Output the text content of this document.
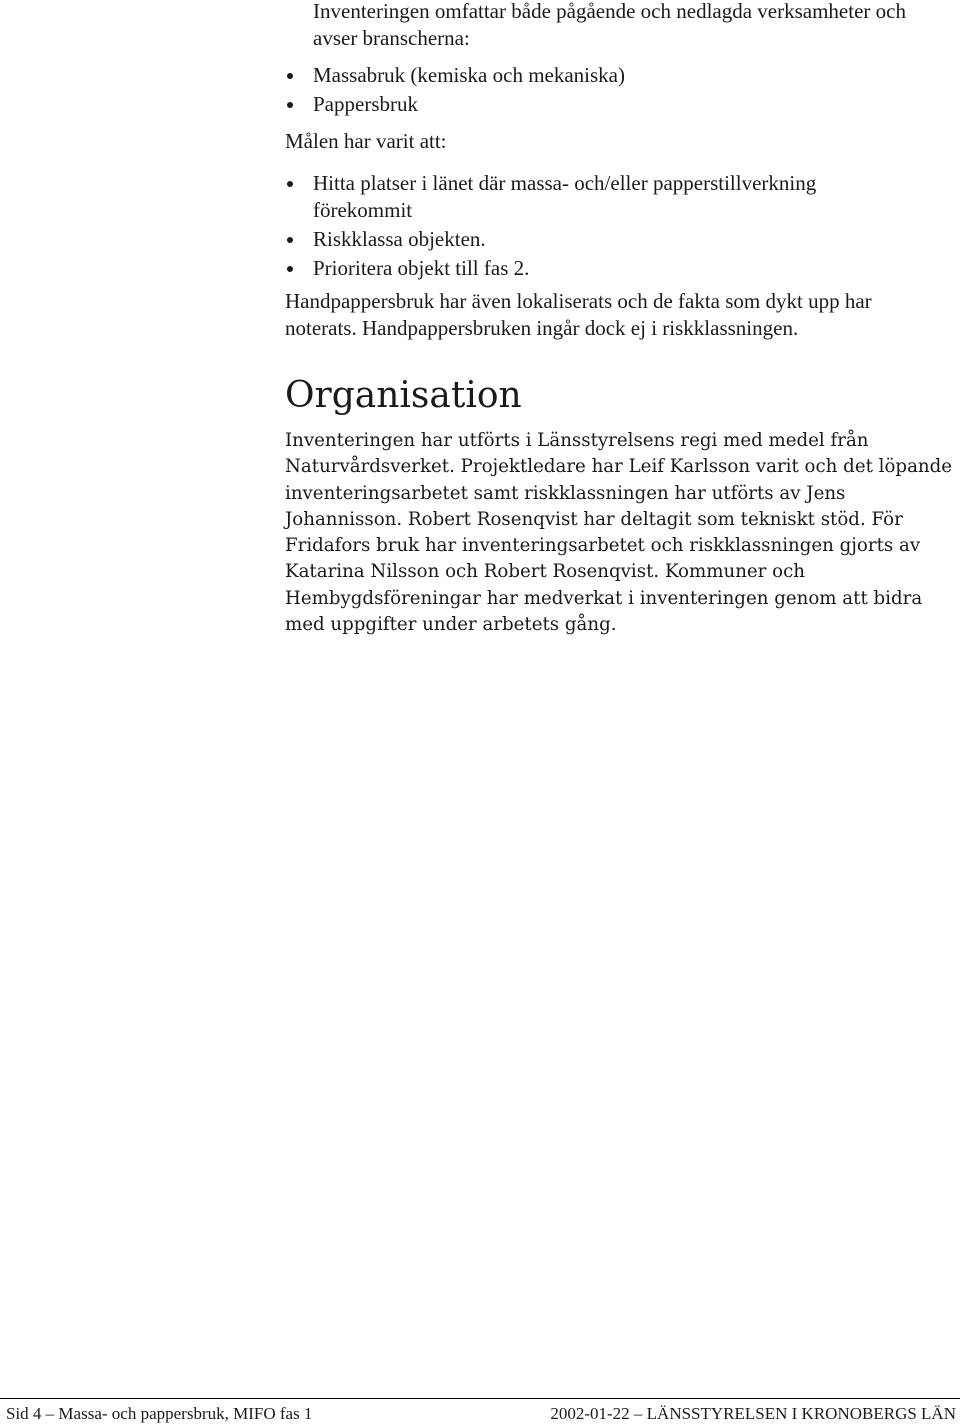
Inventeringen omfattar både pågående och nedlagda verksamheter och avser branscherna:

Massabruk (kemiska och mekaniska)
Pappersbruk

Målen har varit att:

Hitta platser i länet där massa- och/eller papperstillverkning förekommit
Riskklassa objekten.
Prioritera objekt till fas 2.

Handpappersbruk har även lokaliserats och de fakta som dykt upp har noterats. Handpappersbruken ingår dock ej i riskklassningen.

Organisation

Inventeringen har utförts i Länsstyrelsens regi med medel från Naturvårdsverket. Projektledare har Leif Karlsson varit och det löpande inventeringsarbetet samt riskklassningen har utförts av Jens Johannisson. Robert Rosenqvist har deltagit som tekniskt stöd. För Fridafors bruk har inventeringsarbetet och riskklassningen gjorts av Katarina Nilsson och Robert Rosenqvist. Kommuner och Hembygdsföreningar har medverkat i inventeringen genom att bidra med uppgifter under arbetets gång.

Sid 4 – Massa- och pappersbruk, MIFO fas 1	2002-01-22 – LÄNSSTYRELSEN I KRONOBERGS LÄN
